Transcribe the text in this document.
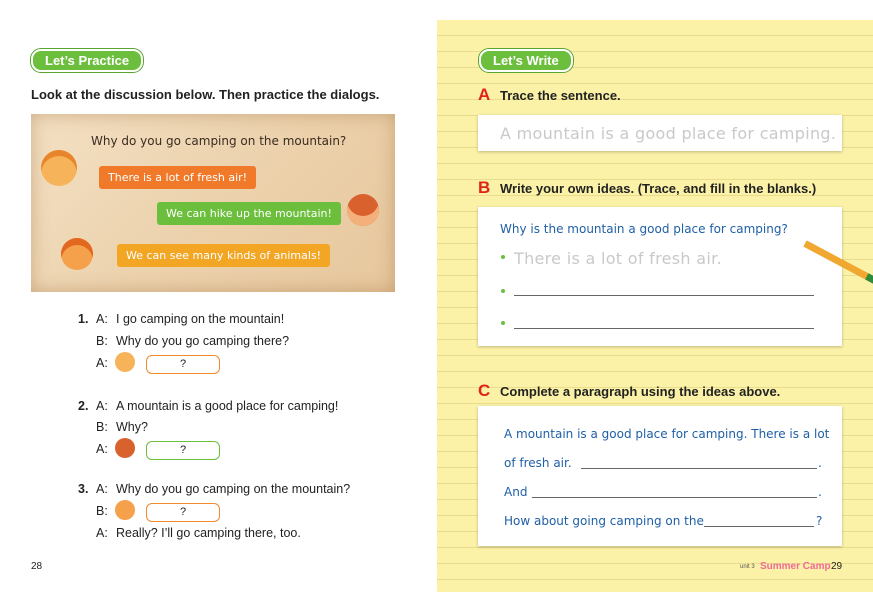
Let’s Practice
Look at the discussion below. Then practice the dialogs.
Why do you go camping on the mountain?
There is a lot of fresh air!
We can hike up the mountain!
We can see many kinds of animals!
1. A: I go camping on the mountain!
B: Why do you go camping there?
A:	?
2. A: A mountain is a good place for camping!
B: Why?
A:	?
3. A: Why do you go camping on the mountain?
B:	?
A: Really? I’ll go camping there, too.
28
Let’s Write
A Trace the sentence.
A mountain is a good place for camping.
B Write your own ideas. (Trace, and fill in the blanks.)
Why is the mountain a good place for camping?
There is a lot of fresh air.
C Complete a paragraph using the ideas above.
A mountain is a good place for camping. There is a lot
of fresh air.	.
And	.
How about going camping on the	?
unit 3 Summer Camp 29
